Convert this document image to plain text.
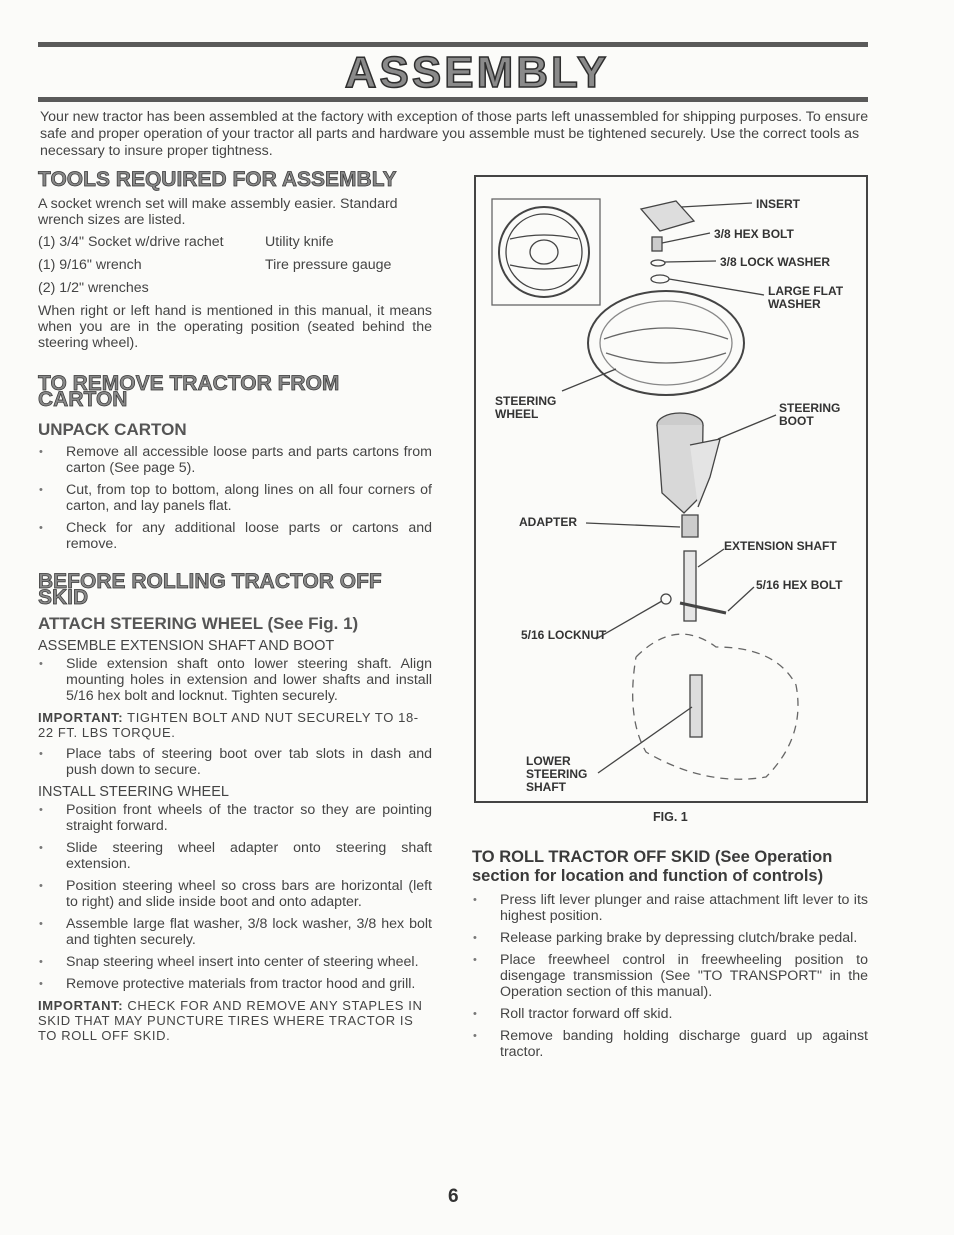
ASSEMBLY

Your new tractor has been assembled at the factory with exception of those parts left unassembled for shipping purposes. To ensure safe and proper operation of your tractor all parts and hardware you assemble must be tightened securely. Use the correct tools as necessary to insure proper tightness.

TOOLS REQUIRED FOR ASSEMBLY

A socket wrench set will make assembly easier. Standard wrench sizes are listed.

(1) 3/4" Socket w/drive rachet	Utility knife
(1) 9/16" wrench	Tire pressure gauge
(2) 1/2" wrenches

When right or left hand is mentioned in this manual, it means when you are in the operating position (seated behind the steering wheel).

TO REMOVE TRACTOR FROM CARTON
UNPACK CARTON
• Remove all accessible loose parts and parts cartons from carton (See page 5).
• Cut, from top to bottom, along lines on all four corners of carton, and lay panels flat.
• Check for any additional loose parts or cartons and remove.
BEFORE ROLLING TRACTOR OFF SKID
ATTACH STEERING WHEEL (See Fig. 1)

ASSEMBLE EXTENSION SHAFT AND BOOT

• Slide extension shaft onto lower steering shaft. Align mounting holes in extension and lower shafts and install 5/16 hex bolt and locknut. Tighten securely.

IMPORTANT: TIGHTEN BOLT AND NUT SECURELY TO 18-22 FT. LBS TORQUE.

• Place tabs of steering boot over tab slots in dash and push down to secure.

INSTALL STEERING WHEEL

• Position front wheels of the tractor so they are pointing straight forward.
• Slide steering wheel adapter onto steering shaft extension.
• Position steering wheel so cross bars are horizontal (left to right) and slide inside boot and onto adapter.
• Assemble large flat washer, 3/8 lock washer, 3/8 hex bolt and tighten securely.
• Snap steering wheel insert into center of steering wheel.
• Remove protective materials from tractor hood and grill.

IMPORTANT: CHECK FOR AND REMOVE ANY STAPLES IN SKID THAT MAY PUNCTURE TIRES WHERE TRACTOR IS TO ROLL OFF SKID.

INSERT
3/8 HEX BOLT
3/8 LOCK WASHER
LARGE FLAT
WASHER
STEERING
WHEEL	STEERING
BOOT
ADAPTER
EXTENSION SHAFT
5/16 HEX BOLT
5/16 LOCKNUT
LOWER
STEERING
SHAFT
FIG. 1
TO ROLL TRACTOR OFF SKID (See Operation section for location and function of controls)
• Press lift lever plunger and raise attachment lift lever to its highest position.
• Release parking brake by depressing clutch/brake pedal.
• Place freewheel control in freewheeling position to disengage transmission (See "TO TRANSPORT" in the Operation section of this manual).
• Roll tractor forward off skid.
• Remove banding holding discharge guard up against tractor.
6
